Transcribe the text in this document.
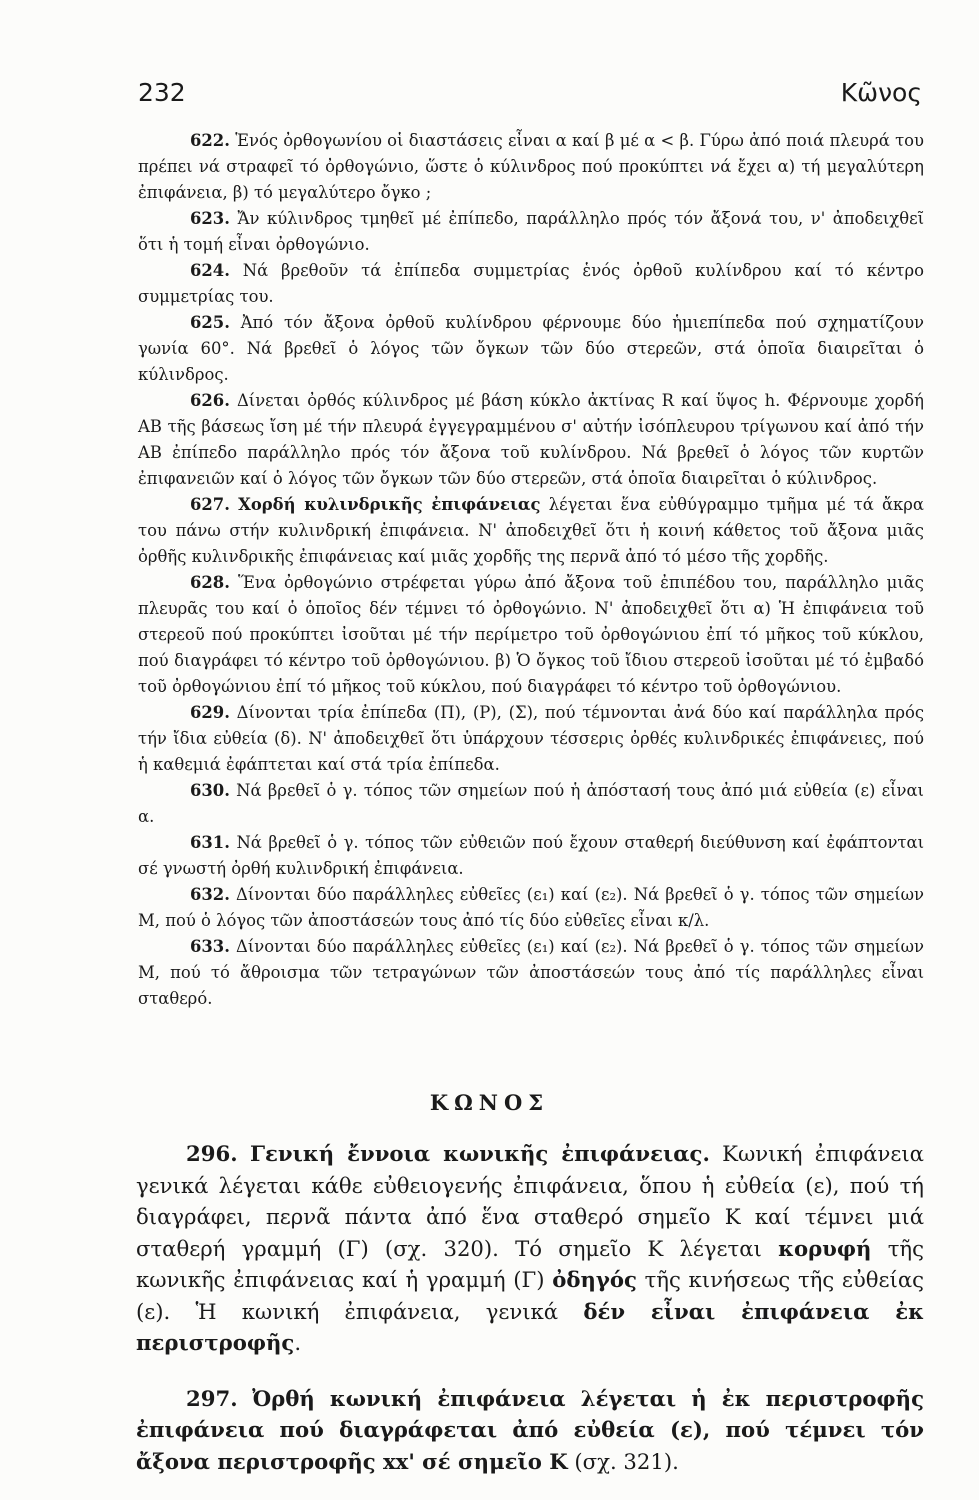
232	Κῶνος

622. Ἑνός ὀρθογωνίου οἱ διαστάσεις εἶναι α καί β μέ α < β. Γύρω ἀπό ποιά πλευρά του πρέπει νά στραφεῖ τό ὀρθογώνιο, ὥστε ὁ κύλινδρος πού προκύπτει νά ἔχει α) τή μεγαλύτερη ἐπιφάνεια, β) τό μεγαλύτερο ὄγκο ;

623. Ἄν κύλινδρος τμηθεῖ μέ ἐπίπεδο, παράλληλο πρός τόν ἄξονά του, ν' ἀποδειχθεῖ ὅτι ἡ τομή εἶναι ὀρθογώνιο.

624. Νά βρεθοῦν τά ἐπίπεδα συμμετρίας ἑνός ὀρθοῦ κυλίνδρου καί τό κέντρο συμμετρίας του.

625. Ἀπό τόν ἄξονα ὀρθοῦ κυλίνδρου φέρνουμε δύο ἡμιεπίπεδα πού σχηματίζουν γωνία 60°. Νά βρεθεῖ ὁ λόγος τῶν ὄγκων τῶν δύο στερεῶν, στά ὁποῖα διαιρεῖται ὁ κύλινδρος.

626. Δίνεται ὀρθός κύλινδρος μέ βάση κύκλο ἀκτίνας R καί ὕψος h. Φέρνουμε χορδή ΑΒ τῆς βάσεως ἴση μέ τήν πλευρά ἐγγεγραμμένου σ' αὐτήν ἰσόπλευρου τρίγωνου καί ἀπό τήν ΑΒ ἐπίπεδο παράλληλο πρός τόν ἄξονα τοῦ κυλίνδρου. Νά βρεθεῖ ὁ λόγος τῶν κυρτῶν ἐπιφανειῶν καί ὁ λόγος τῶν ὄγκων τῶν δύο στερεῶν, στά ὁποῖα διαιρεῖται ὁ κύλινδρος.

627. Χορδή κυλινδρικῆς ἐπιφάνειας λέγεται ἕνα εὐθύγραμμο τμῆμα μέ τά ἄκρα του πάνω στήν κυλινδρική ἐπιφάνεια. Ν' ἀποδειχθεῖ ὅτι ἡ κοινή κάθετος τοῦ ἄξονα μιᾶς ὀρθῆς κυλινδρικῆς ἐπιφάνειας καί μιᾶς χορδῆς της περνᾶ ἀπό τό μέσο τῆς χορδῆς.

628. Ἕνα ὀρθογώνιο στρέφεται γύρω ἀπό ἄξονα τοῦ ἐπιπέδου του, παράλληλο μιᾶς πλευρᾶς του καί ὁ ὁποῖος δέν τέμνει τό ὀρθογώνιο. Ν' ἀποδειχθεῖ ὅτι α) Ἡ ἐπιφάνεια τοῦ στερεοῦ πού προκύπτει ἰσοῦται μέ τήν περίμετρο τοῦ ὀρθογώνιου ἐπί τό μῆκος τοῦ κύκλου, πού διαγράφει τό κέντρο τοῦ ὀρθογώνιου. β) Ὁ ὄγκος τοῦ ἴδιου στερεοῦ ἰσοῦται μέ τό ἐμβαδό τοῦ ὀρθογώνιου ἐπί τό μῆκος τοῦ κύκλου, πού διαγράφει τό κέντρο τοῦ ὀρθογώνιου.

629. Δίνονται τρία ἐπίπεδα (Π), (Ρ), (Σ), πού τέμνονται ἀνά δύο καί παράλληλα πρός τήν ἴδια εὐθεία (δ). Ν' ἀποδειχθεῖ ὅτι ὑπάρχουν τέσσερις ὀρθές κυλινδρικές ἐπιφάνειες, πού ἡ καθεμιά ἐφάπτεται καί στά τρία ἐπίπεδα.

630. Νά βρεθεῖ ὁ γ. τόπος τῶν σημείων πού ἡ ἀπόστασή τους ἀπό μιά εὐθεία (ε) εἶναι α.

631. Νά βρεθεῖ ὁ γ. τόπος τῶν εὐθειῶν πού ἔχουν σταθερή διεύθυνση καί ἐφάπτονται σέ γνωστή ὀρθή κυλινδρική ἐπιφάνεια.

632. Δίνονται δύο παράλληλες εὐθεῖες (ε₁) καί (ε₂). Νά βρεθεῖ ὁ γ. τόπος τῶν σημείων Μ, πού ὁ λόγος τῶν ἀποστάσεών τους ἀπό τίς δύο εὐθεῖες εἶναι κ/λ.

633. Δίνονται δύο παράλληλες εὐθεῖες (ε₁) καί (ε₂). Νά βρεθεῖ ὁ γ. τόπος τῶν σημείων Μ, πού τό ἄθροισμα τῶν τετραγώνων τῶν ἀποστάσεών τους ἀπό τίς παράλληλες εἶναι σταθερό.

ΚΩΝΟΣ

296. Γενική ἔννοια κωνικῆς ἐπιφάνειας. Κωνική ἐπιφάνεια γενικά λέγεται κάθε εὐθειογενής ἐπιφάνεια, ὅπου ἡ εὐθεία (ε), πού τή διαγράφει, περνᾶ πάντα ἀπό ἕνα σταθερό σημεῖο Κ καί τέμνει μιά σταθερή γραμμή (Γ) (σχ. 320). Τό σημεῖο Κ λέγεται κορυφή τῆς κωνικῆς ἐπιφάνειας καί ἡ γραμμή (Γ) ὀδηγός τῆς κινήσεως τῆς εὐθείας (ε). Ἡ κωνική ἐπιφάνεια, γενικά δέν εἶναι ἐπιφάνεια ἐκ περιστροφῆς.

297. Ὀρθή κωνική ἐπιφάνεια λέγεται ἡ ἐκ περιστροφῆς ἐπιφάνεια πού διαγράφεται ἀπό εὐθεία (ε), πού τέμνει τόν ἄξονα περιστροφῆς xx' σέ σημεῖο Κ (σχ. 321).
